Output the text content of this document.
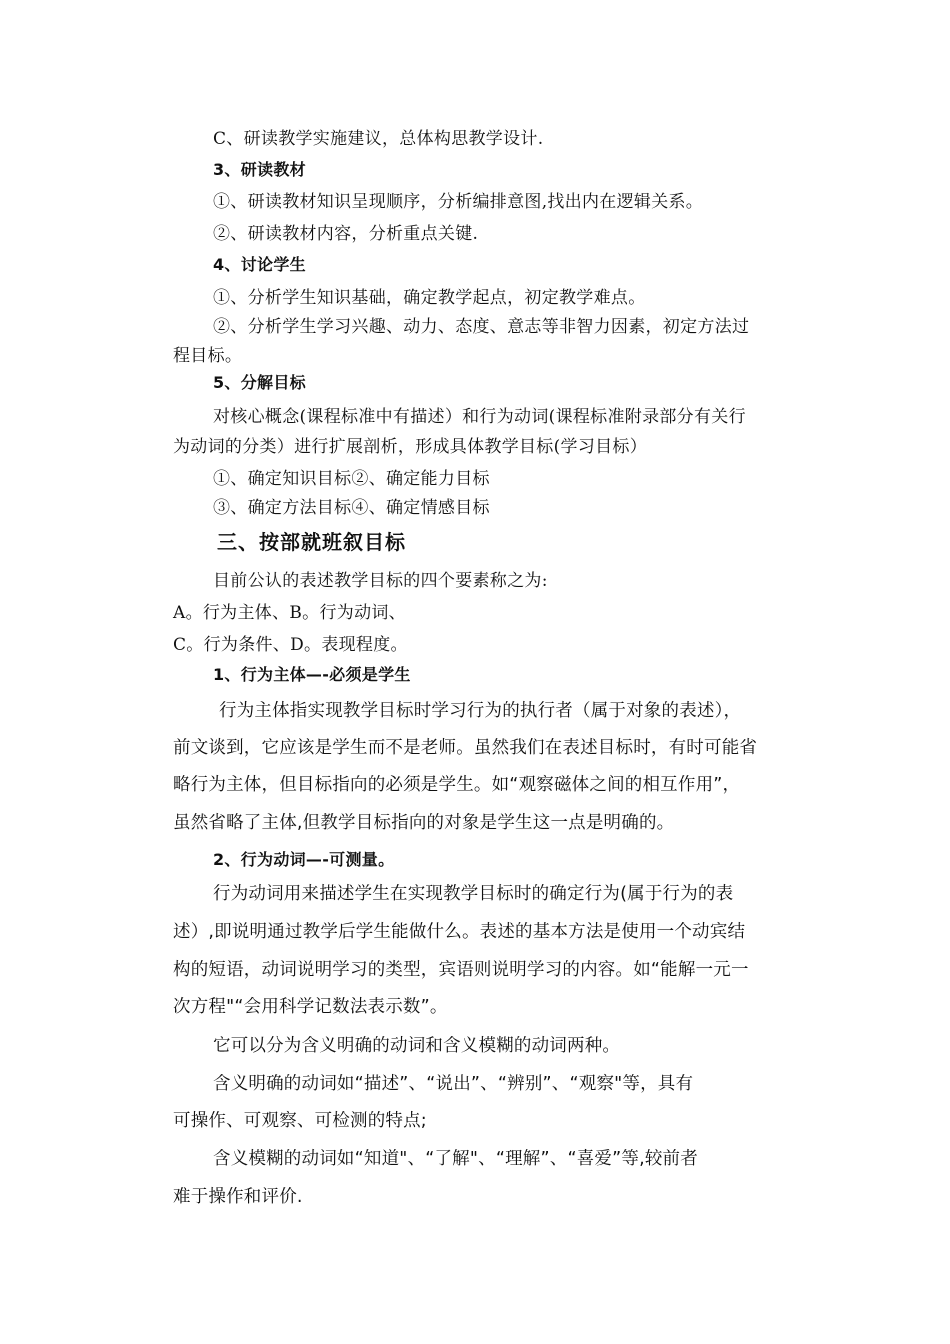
C、研读教学实施建议，总体构思教学设计.
3、研读教材
①、研读教材知识呈现顺序，分析编排意图,找出内在逻辑关系。
②、研读教材内容，分析重点关键.
4、讨论学生
①、分析学生知识基础，确定教学起点，初定教学难点。
②、分析学生学习兴趣、动力、态度、意志等非智力因素，初定方法过
程目标。
5、分解目标
对核心概念(课程标准中有描述）和行为动词(课程标准附录部分有关行
为动词的分类）进行扩展剖析，形成具体教学目标(学习目标）
①、确定知识目标②、确定能力目标
③、确定方法目标④、确定情感目标
三、按部就班叙目标
目前公认的表述教学目标的四个要素称之为:
A。行为主体、B。行为动词、
C。行为条件、D。表现程度。
1、行为主体—-必须是学生
行为主体指实现教学目标时学习行为的执行者（属于对象的表述），
前文谈到，它应该是学生而不是老师。虽然我们在表述目标时，有时可能省
略行为主体，但目标指向的必须是学生。如“观察磁体之间的相互作用”，
虽然省略了主体,但教学目标指向的对象是学生这一点是明确的。
2、行为动词—-可测量。
行为动词用来描述学生在实现教学目标时的确定行为(属于行为的表
述）,即说明通过教学后学生能做什么。表述的基本方法是使用一个动宾结
构的短语，动词说明学习的类型，宾语则说明学习的内容。如“能解一元一
次方程"“会用科学记数法表示数”。
它可以分为含义明确的动词和含义模糊的动词两种。
含义明确的动词如“描述”、“说出”、“辨别”、“观察"等，具有
可操作、可观察、可检测的特点;
含义模糊的动词如“知道"、“了解"、“理解”、“喜爱”等,较前者
难于操作和评价.
